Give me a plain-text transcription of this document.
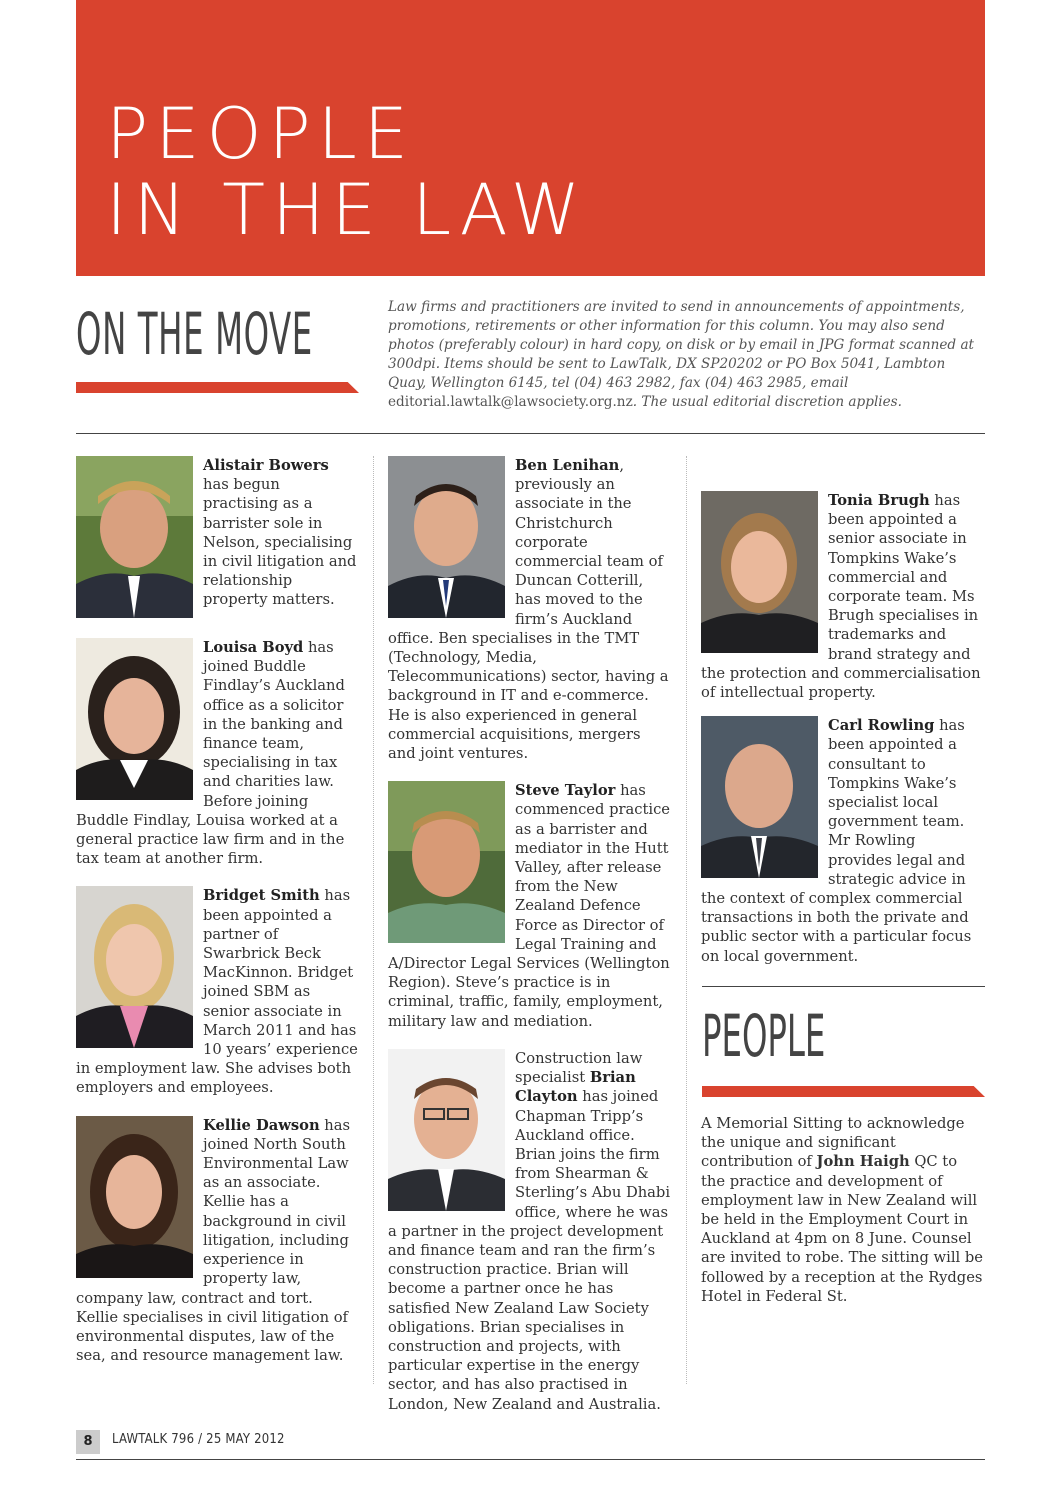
PEOPLE
IN THE LAW
ON THE MOVE	Law firms and practitioners are invited to send in announcements of appointments, promotions, retirements or other information for this column. You may also send photos (preferably colour) in hard copy, on disk or by email in JPG format scanned at 300dpi. Items should be sent to LawTalk, DX SP20202 or PO Box 5041, Lambton Quay, Wellington 6145, tel (04) 463 2982, fax (04) 463 2985, email editorial.lawtalk@lawsociety.org.nz. The usual editorial discretion applies.

Alistair Bowers has begun practising as a barrister sole in Nelson, specialising in civil litigation and relationship property matters.

Louisa Boyd has joined Buddle Findlay’s Auckland office as a solicitor in the banking and finance team, specialising in tax and charities law. Before joining Buddle Findlay, Louisa worked at a general practice law firm and in the tax team at another firm.

Bridget Smith has been appointed a partner of Swarbrick Beck MacKinnon. Bridget joined SBM as senior associate in March 2011 and has 10 years’ experience in employment law. She advises both employers and employees.

Kellie Dawson has joined North South Environmental Law as an associate. Kellie has a background in civil litigation, including experience in property law, company law, contract and tort. Kellie specialises in civil litigation of environmental disputes, law of the sea, and resource management law.

Ben Lenihan, previously an associate in the Christchurch corporate commercial team of Duncan Cotterill, has moved to the firm’s Auckland office. Ben specialises in the TMT (Technology, Media, Telecommunications) sector, having a background in IT and e-commerce. He is also experienced in general commercial acquisitions, mergers and joint ventures.

Steve Taylor has commenced practice as a barrister and mediator in the Hutt Valley, after release from the New Zealand Defence Force as Director of Legal Training and A/Director Legal Services (Wellington Region). Steve’s practice is in criminal, traffic, family, employment, military law and mediation.

Construction law specialist Brian Clayton has joined Chapman Tripp’s Auckland office. Brian joins the firm from Shearman & Sterling’s Abu Dhabi office, where he was a partner in the project development and finance team and ran the firm’s construction practice. Brian will become a partner once he has satisfied New Zealand Law Society obligations. Brian specialises in construction and projects, with particular expertise in the energy sector, and has also practised in London, New Zealand and Australia.

Tonia Brugh has been appointed a senior associate in Tompkins Wake’s commercial and corporate team. Ms Brugh specialises in trademarks and brand strategy and the protection and commercialisation of intellectual property.

Carl Rowling has been appointed a consultant to Tompkins Wake’s specialist local government team. Mr Rowling provides legal and strategic advice in the context of complex commercial transactions in both the private and public sector with a particular focus on local government.

PEOPLE

A Memorial Sitting to acknowledge the unique and significant contribution of John Haigh QC to the practice and development of employment law in New Zealand will be held in the Employment Court in Auckland at 4pm on 8 June. Counsel are invited to robe. The sitting will be followed by a reception at the Rydges Hotel in Federal St.

8	LAWTALK 796 / 25 MAY 2012
